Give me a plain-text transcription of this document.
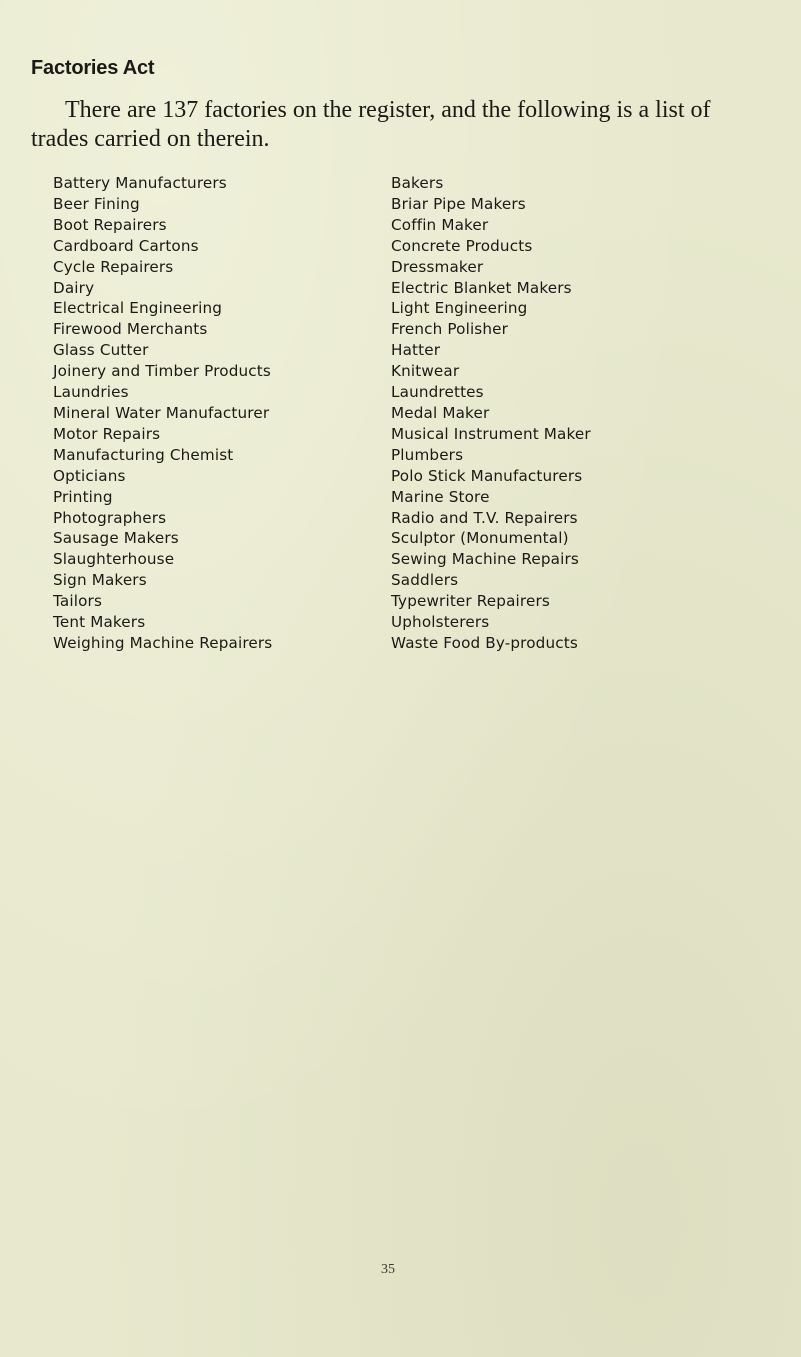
Factories Act

There are 137 factories on the register, and the following is a list of trades carried on therein.

Battery Manufacturers
Beer Fining
Boot Repairers
Cardboard Cartons
Cycle Repairers
Dairy
Electrical Engineering
Firewood Merchants
Glass Cutter
Joinery and Timber Products
Laundries
Mineral Water Manufacturer
Motor Repairs
Manufacturing Chemist
Opticians
Printing
Photographers
Sausage Makers
Slaughterhouse
Sign Makers
Tailors
Tent Makers
Weighing Machine Repairers
Bakers
Briar Pipe Makers
Coffin Maker
Concrete Products
Dressmaker
Electric Blanket Makers
Light Engineering
French Polisher
Hatter
Knitwear
Laundrettes
Medal Maker
Musical Instrument Maker
Plumbers
Polo Stick Manufacturers
Marine Store
Radio and T.V. Repairers
Sculptor (Monumental)
Sewing Machine Repairs
Saddlers
Typewriter Repairers
Upholsterers
Waste Food By-products

35
